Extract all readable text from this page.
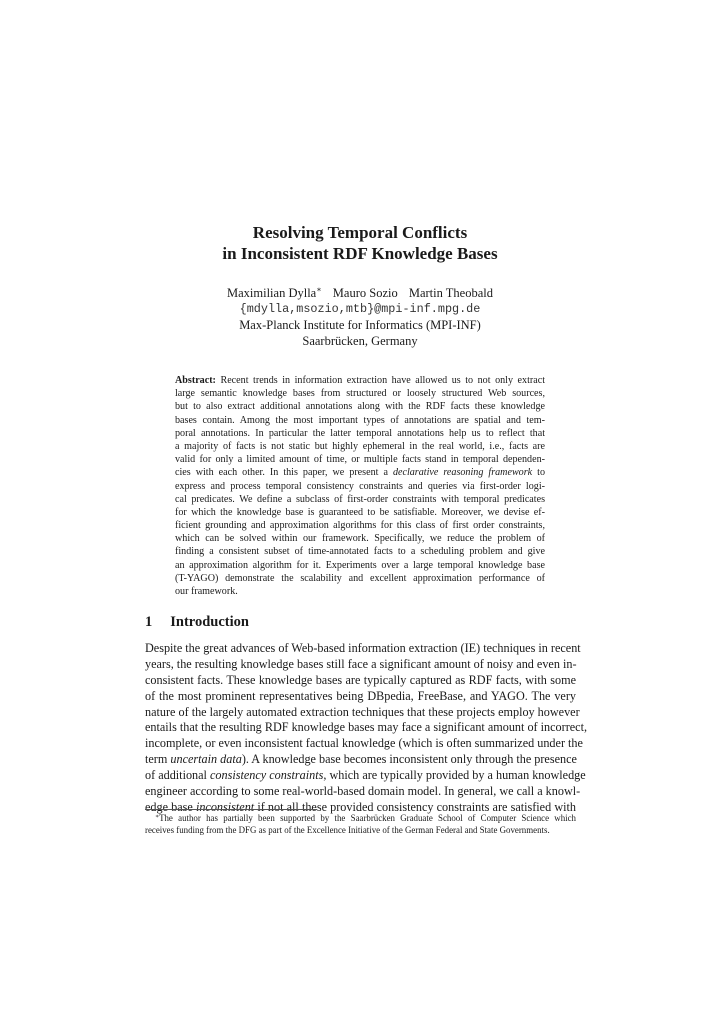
Resolving Temporal Conflicts
in Inconsistent RDF Knowledge Bases
Maximilian Dylla∗ Mauro Sozio Martin Theobald
{mdylla,msozio,mtb}@mpi-inf.mpg.de
Max-Planck Institute for Informatics (MPI-INF)
Saarbrücken, Germany
Abstract: Recent trends in information extraction have allowed us to not only extract
large semantic knowledge bases from structured or loosely structured Web sources,
but to also extract additional annotations along with the RDF facts these knowledge
bases contain. Among the most important types of annotations are spatial and tem-
poral annotations. In particular the latter temporal annotations help us to reflect that
a majority of facts is not static but highly ephemeral in the real world, i.e., facts are
valid for only a limited amount of time, or multiple facts stand in temporal dependen-
cies with each other. In this paper, we present a declarative reasoning framework to
express and process temporal consistency constraints and queries via first-order logi-
cal predicates. We define a subclass of first-order constraints with temporal predicates
for which the knowledge base is guaranteed to be satisfiable. Moreover, we devise ef-
ficient grounding and approximation algorithms for this class of first order constraints,
which can be solved within our framework. Specifically, we reduce the problem of
finding a consistent subset of time-annotated facts to a scheduling problem and give
an approximation algorithm for it. Experiments over a large temporal knowledge base
(T-YAGO) demonstrate the scalability and excellent approximation performance of
our framework.
1 Introduction
Despite the great advances of Web-based information extraction (IE) techniques in recent
years, the resulting knowledge bases still face a significant amount of noisy and even in-
consistent facts. These knowledge bases are typically captured as RDF facts, with some
of the most prominent representatives being DBpedia, FreeBase, and YAGO. The very
nature of the largely automated extraction techniques that these projects employ however
entails that the resulting RDF knowledge bases may face a significant amount of incorrect,
incomplete, or even inconsistent factual knowledge (which is often summarized under the
term uncertain data). A knowledge base becomes inconsistent only through the presence
of additional consistency constraints, which are typically provided by a human knowledge
engineer according to some real-world-based domain model. In general, we call a knowl-
edge base inconsistent if not all these provided consistency constraints are satisfied with
∗The author has partially been supported by the Saarbrücken Graduate School of Computer Science which
receives funding from the DFG as part of the Excellence Initiative of the German Federal and State Governments.
